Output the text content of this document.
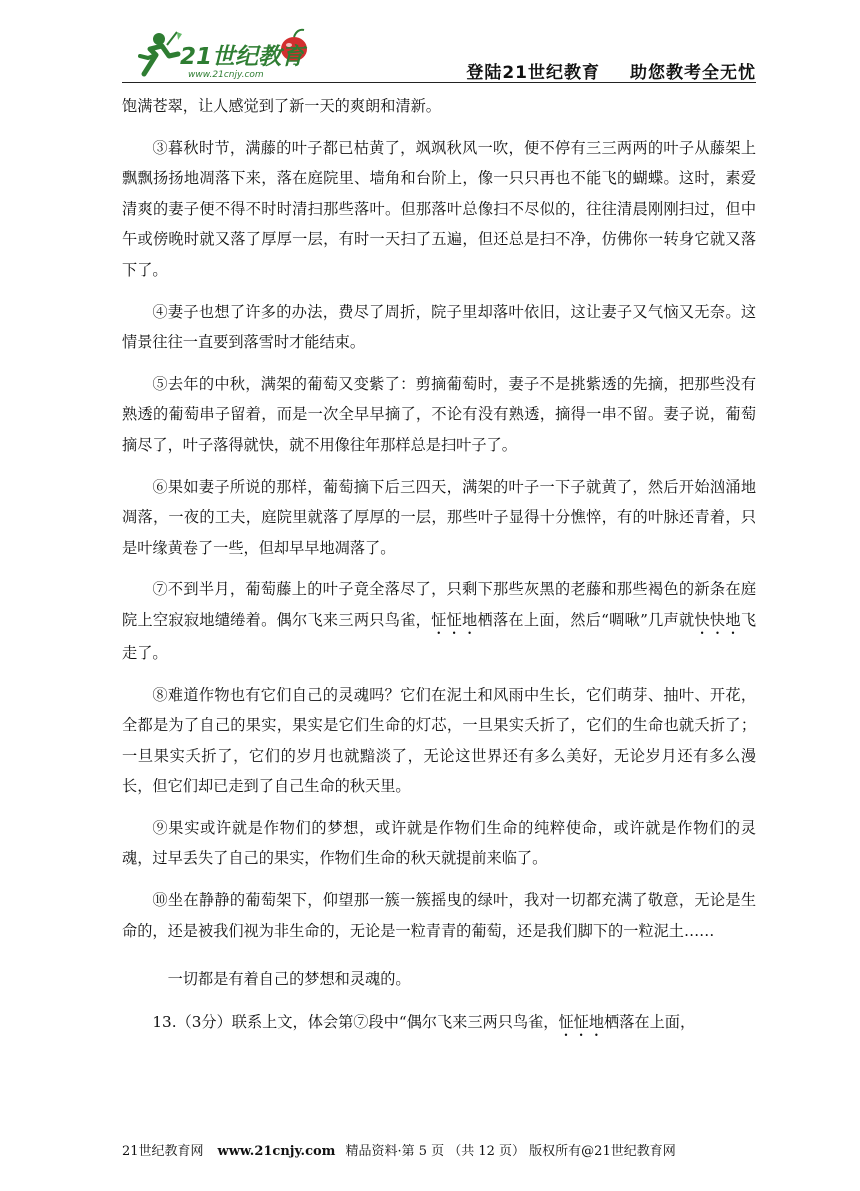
21世纪教育
www.21cnjy.com	登陆21世纪教育 助您教考全无忧

饱满苍翠，让人感觉到了新一天的爽朗和清新。

③暮秋时节，满藤的叶子都已枯黄了，飒飒秋风一吹，便不停有三三两两的叶子从藤架上飘飘扬扬地凋落下来，落在庭院里、墙角和台阶上，像一只只再也不能飞的蝴蝶。这时，素爱清爽的妻子便不得不时时清扫那些落叶。但那落叶总像扫不尽似的，往往清晨刚刚扫过，但中午或傍晚时就又落了厚厚一层，有时一天扫了五遍，但还总是扫不净，仿佛你一转身它就又落下了。

④妻子也想了许多的办法，费尽了周折，院子里却落叶依旧，这让妻子又气恼又无奈。这情景往往一直要到落雪时才能结束。

⑤去年的中秋，满架的葡萄又变紫了：剪摘葡萄时，妻子不是挑紫透的先摘，把那些没有熟透的葡萄串子留着，而是一次全早早摘了，不论有没有熟透，摘得一串不留。妻子说，葡萄摘尽了，叶子落得就快，就不用像往年那样总是扫叶子了。

⑥果如妻子所说的那样，葡萄摘下后三四天，满架的叶子一下子就黄了，然后开始汹涌地凋落，一夜的工夫，庭院里就落了厚厚的一层，那些叶子显得十分憔悴，有的叶脉还青着，只是叶缘黄卷了一些，但却早早地凋落了。

⑦不到半月，葡萄藤上的叶子竟全落尽了，只剩下那些灰黑的老藤和那些褐色的新条在庭院上空寂寂地缱绻着。偶尔飞来三两只鸟雀，怔怔地栖落在上面，然后“啁啾”几声就快快地飞走了。

⑧难道作物也有它们自己的灵魂吗？它们在泥土和风雨中生长，它们萌芽、抽叶、开花，全都是为了自己的果实，果实是它们生命的灯芯，一旦果实夭折了，它们的生命也就夭折了；一旦果实夭折了，它们的岁月也就黯淡了，无论这世界还有多么美好，无论岁月还有多么漫长，但它们却已走到了自己生命的秋天里。

⑨果实或许就是作物们的梦想，或许就是作物们生命的纯粹使命，或许就是作物们的灵魂，过早丢失了自己的果实，作物们生命的秋天就提前来临了。

⑩坐在静静的葡萄架下，仰望那一簇一簇摇曳的绿叶，我对一切都充满了敬意，无论是生命的，还是被我们视为非生命的，无论是一粒青青的葡萄，还是我们脚下的一粒泥土……

一切都是有着自己的梦想和灵魂的。

13.（3分）联系上文，体会第⑦段中“偶尔飞来三两只鸟雀，怔怔地栖落在上面，

21世纪教育网 www.21cnjy.com 精品资料·第 5 页 （共 12 页） 版权所有@21世纪教育网
